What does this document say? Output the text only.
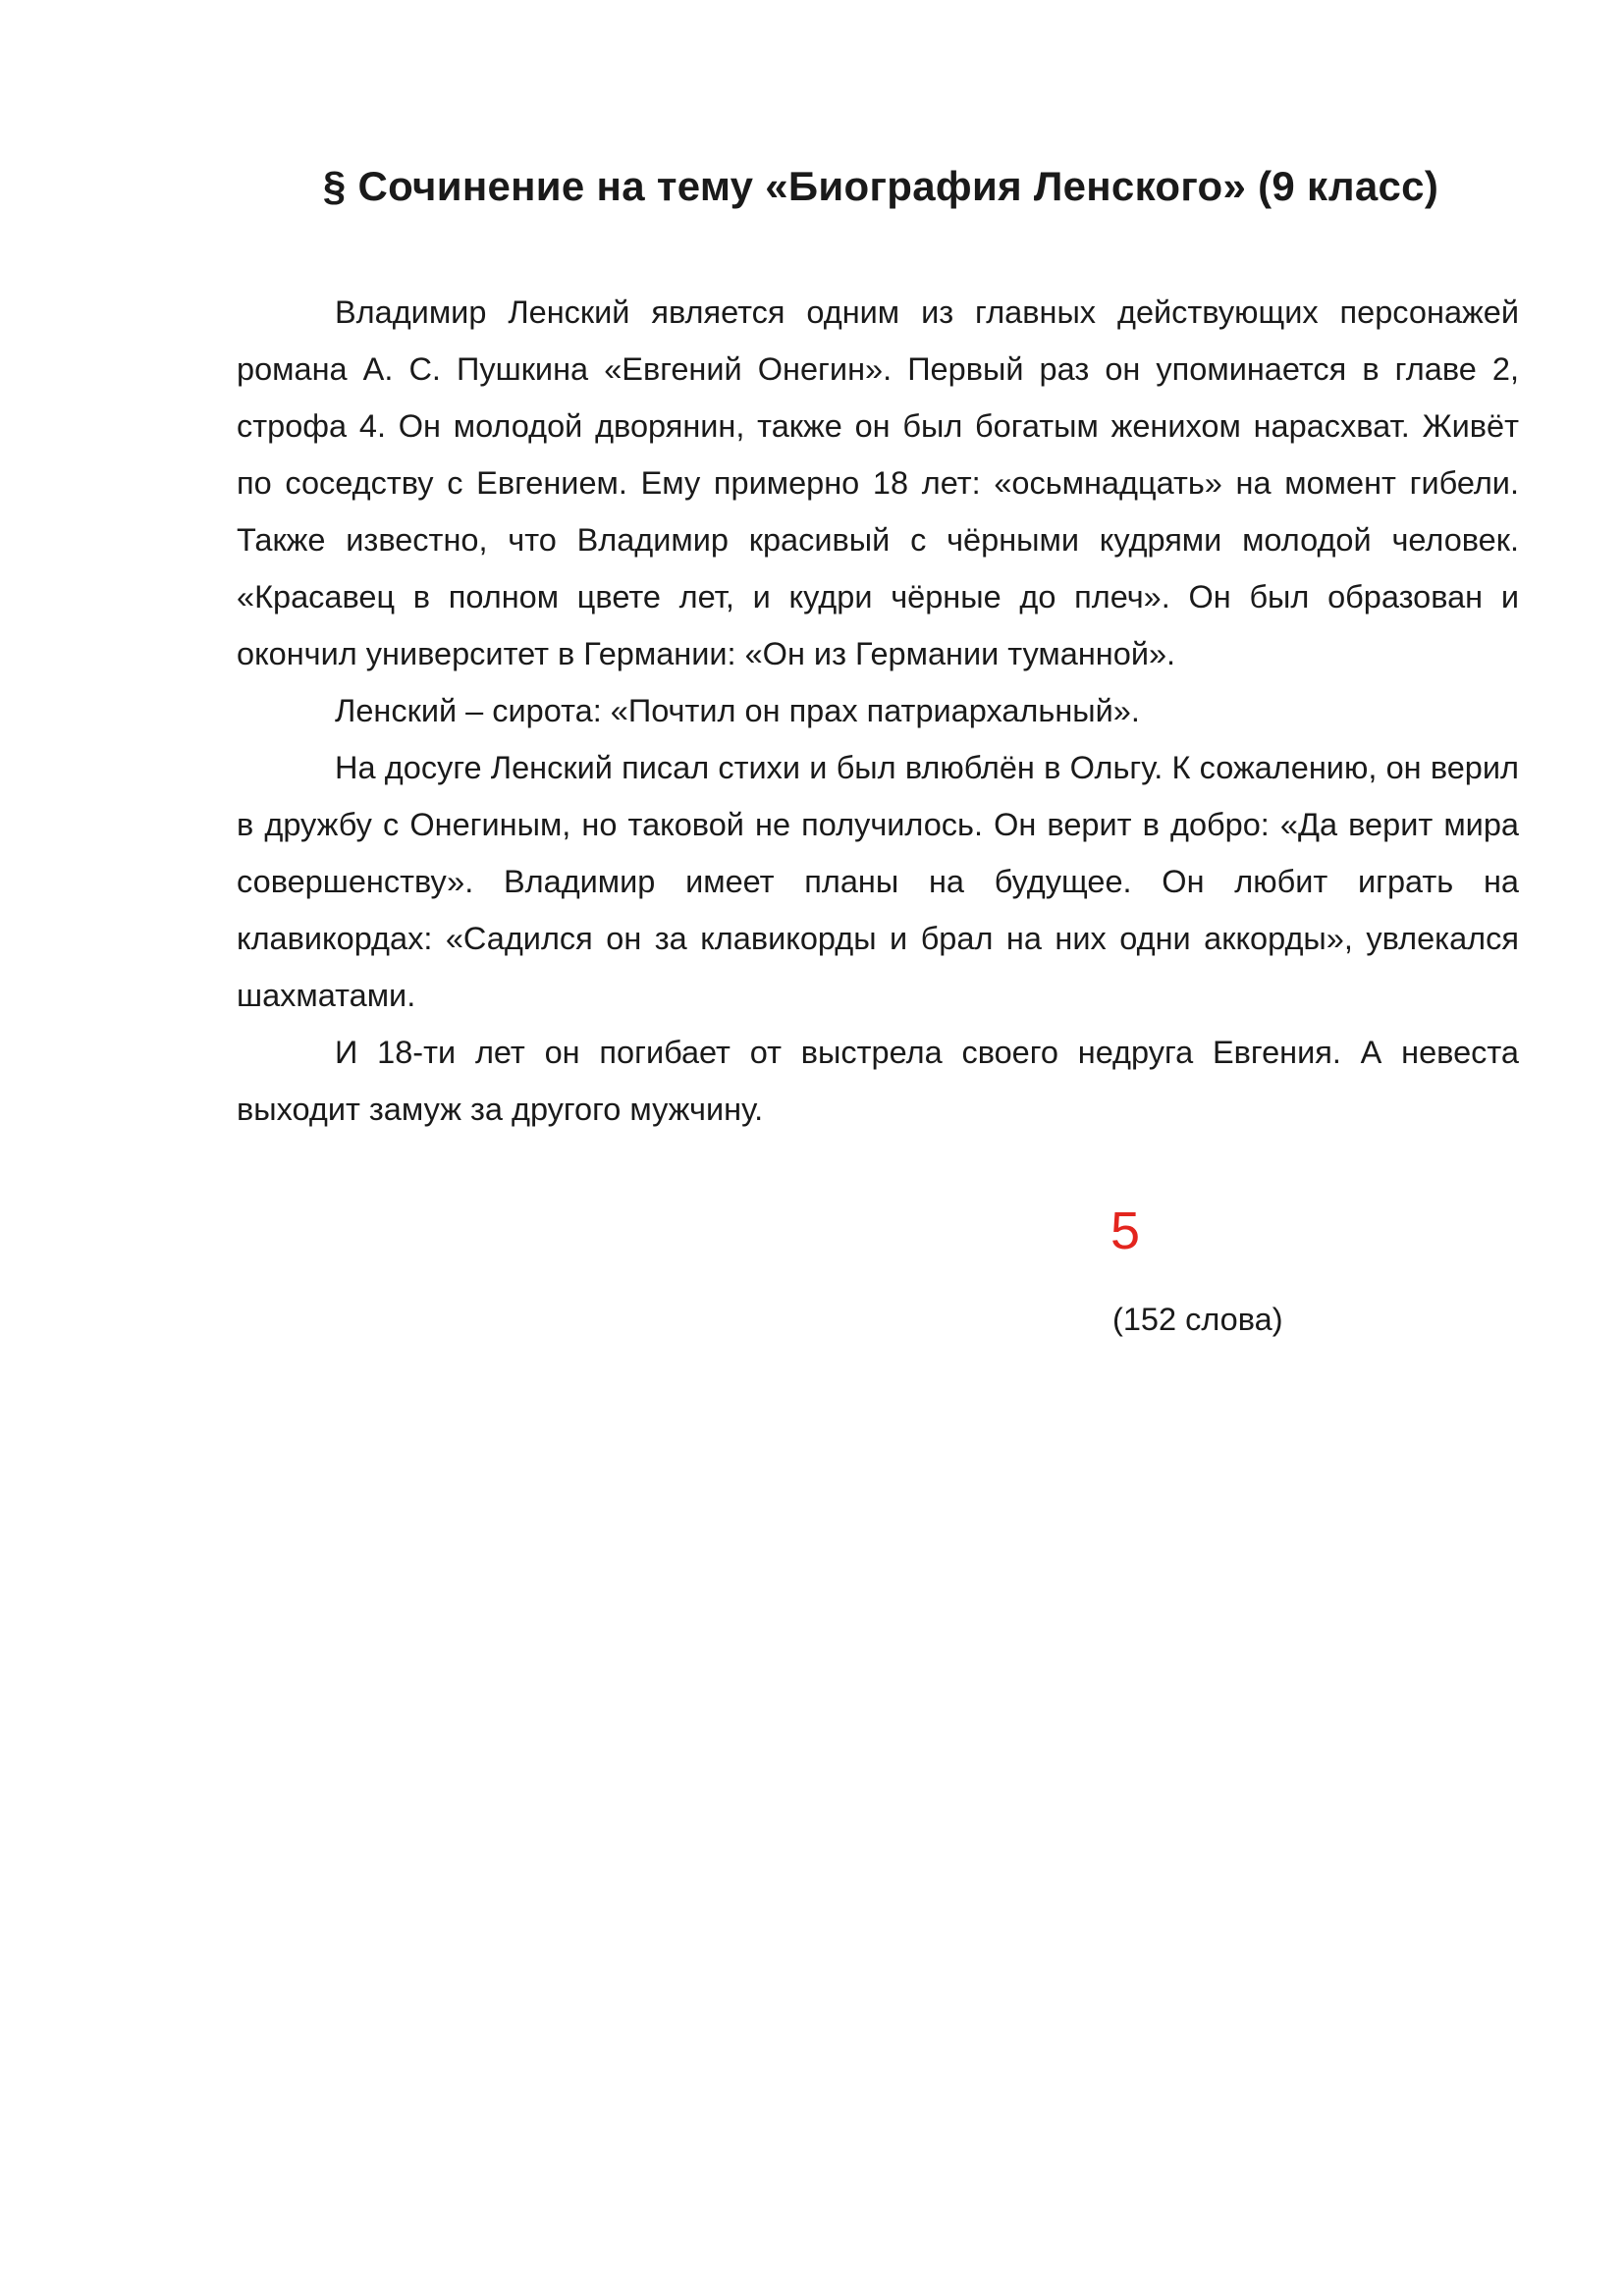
§ Сочинение на тему «Биография Ленского» (9 класс)

Владимир Ленский является одним из главных действующих персонажей романа А. С. Пушкина «Евгений Онегин». Первый раз он упоминается в главе 2, строфа 4. Он молодой дворянин, также он был богатым женихом нарасхват. Живёт по соседству с Евгением. Ему примерно 18 лет: «осьмнадцать» на момент гибели. Также известно, что Владимир красивый с чёрными кудрями молодой человек. «Красавец в полном цвете лет, и кудри чёрные до плеч». Он был образован и окончил университет в Германии: «Он из Германии туманной».

Ленский – сирота: «Почтил он прах патриархальный».

На досуге Ленский писал стихи и был влюблён в Ольгу. К сожалению, он верил в дружбу с Онегиным, но таковой не получилось. Он верит в добро: «Да верит мира совершенству». Владимир имеет планы на будущее. Он любит играть на клавикордах: «Садился он за клавикорды и брал на них одни аккорды», увлекался шахматами.

И 18-ти лет он погибает от выстрела своего недруга Евгения. А невеста выходит замуж за другого мужчину.

5
(152 слова)
